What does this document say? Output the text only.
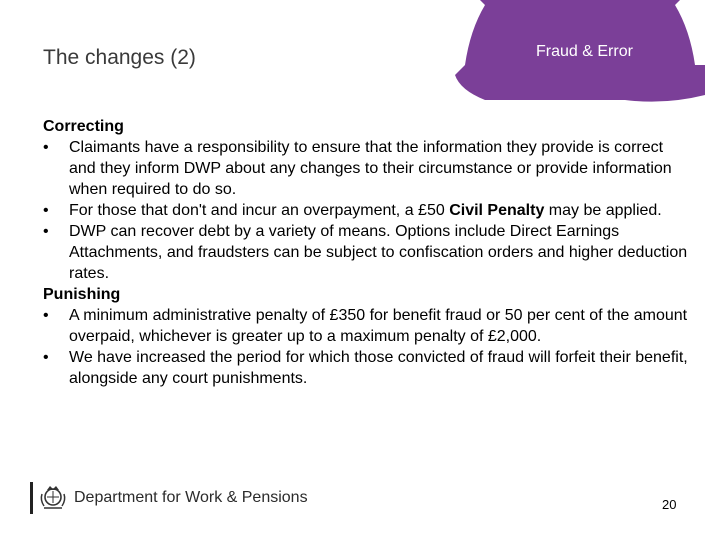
Fraud & Error
The changes (2)
Correcting
•	Claimants have a responsibility to ensure that the information they provide is correct and they inform DWP about any changes to their circumstance or provide information when required to do so.
•	For those that don't and incur an overpayment, a £50 Civil Penalty may be applied.
•	DWP can recover debt by a variety of means. Options include Direct Earnings Attachments, and fraudsters can be subject to confiscation orders and higher deduction rates.
Punishing
•	A minimum administrative penalty of £350 for benefit fraud or 50 per cent of the amount overpaid, whichever is greater up to a maximum penalty of £2,000.
•	We have increased the period for which those convicted of fraud will forfeit their benefit, alongside any court punishments.
Department for Work & Pensions	20
